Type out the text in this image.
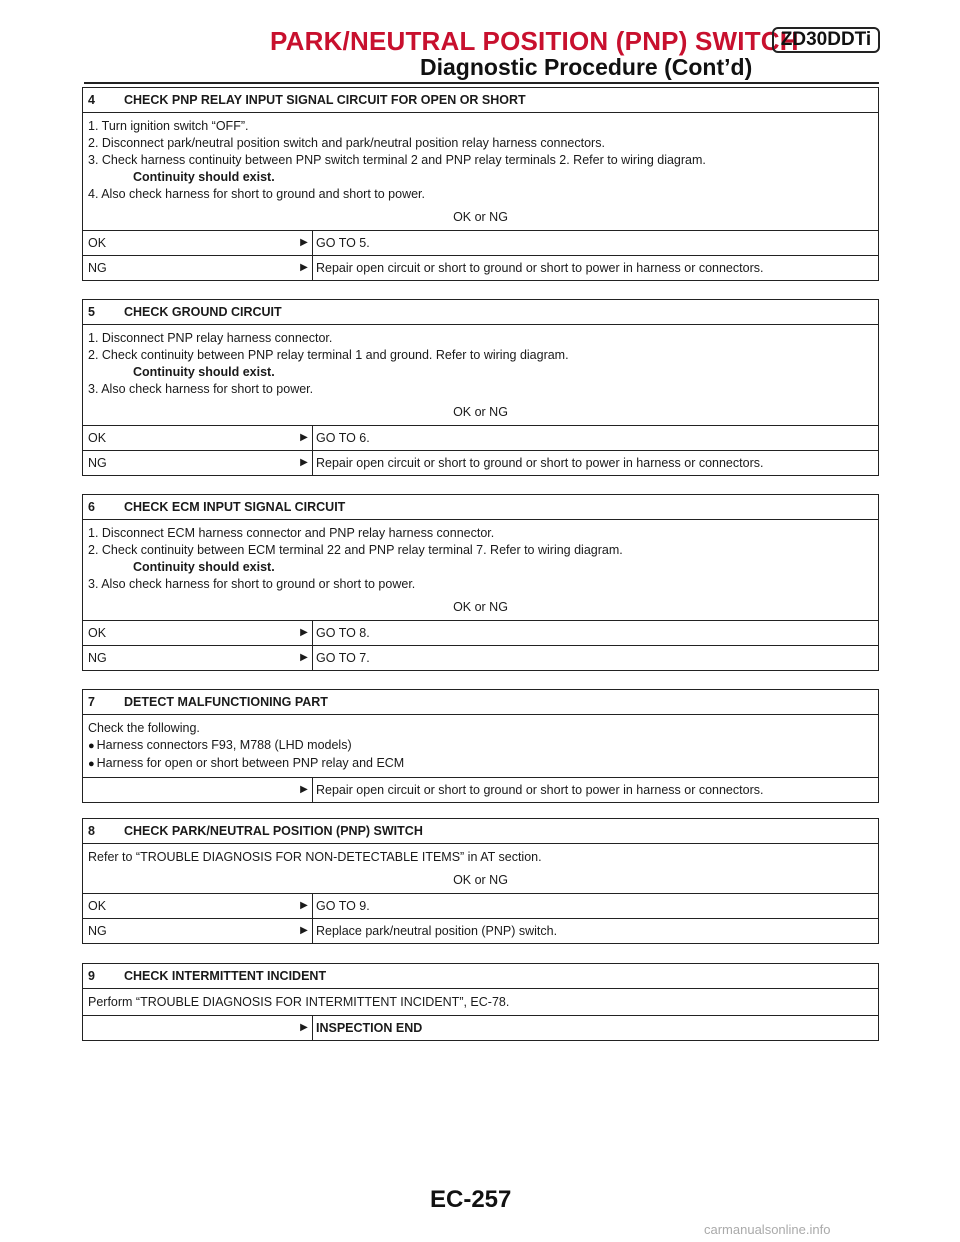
PARK/NEUTRAL POSITION (PNP) SWITCH
ZD30DDTi
Diagnostic Procedure (Cont’d)
4 CHECK PNP RELAY INPUT SIGNAL CIRCUIT FOR OPEN OR SHORT
1. Turn ignition switch “OFF”.
2. Disconnect park/neutral position switch and park/neutral position relay harness connectors.
3. Check harness continuity between PNP switch terminal 2 and PNP relay terminals 2. Refer to wiring diagram.
Continuity should exist.
4. Also check harness for short to ground and short to power.
OK or NG
OK	▶ GO TO 5.
NG	▶ Repair open circuit or short to ground or short to power in harness or connectors.
5 CHECK GROUND CIRCUIT
1. Disconnect PNP relay harness connector.
2. Check continuity between PNP relay terminal 1 and ground. Refer to wiring diagram.
Continuity should exist.
3. Also check harness for short to power.
OK or NG
OK	▶ GO TO 6.
NG	▶ Repair open circuit or short to ground or short to power in harness or connectors.
6 CHECK ECM INPUT SIGNAL CIRCUIT
1. Disconnect ECM harness connector and PNP relay harness connector.
2. Check continuity between ECM terminal 22 and PNP relay terminal 7. Refer to wiring diagram.
Continuity should exist.
3. Also check harness for short to ground or short to power.
OK or NG
OK	▶ GO TO 8.
NG	▶ GO TO 7.
7 DETECT MALFUNCTIONING PART
Check the following.
● Harness connectors F93, M788 (LHD models)
● Harness for open or short between PNP relay and ECM
▶ Repair open circuit or short to ground or short to power in harness or connectors.
8 CHECK PARK/NEUTRAL POSITION (PNP) SWITCH
Refer to “TROUBLE DIAGNOSIS FOR NON-DETECTABLE ITEMS” in AT section.
OK or NG
OK	▶ GO TO 9.
NG	▶ Replace park/neutral position (PNP) switch.
9 CHECK INTERMITTENT INCIDENT
Perform “TROUBLE DIAGNOSIS FOR INTERMITTENT INCIDENT”, EC-78.
▶ INSPECTION END
EC-257
carmanualsonline.info
